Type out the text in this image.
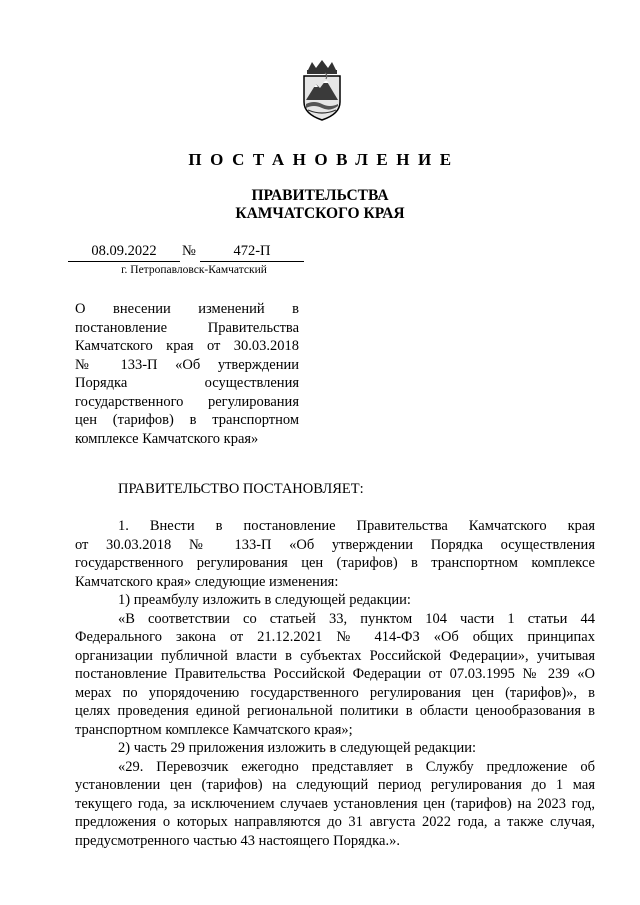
ПОСТАНОВЛЕНИЕ
ПРАВИТЕЛЬСТВА
КАМЧАТСКОГО КРАЯ
08.09.2022	№	472-П
г. Петропавловск-Камчатский
О внесении изменений в
постановление Правительства
Камчатского края от 30.03.2018
№ 133-П «Об утверждении
Порядка осуществления
государственного регулирования
цен (тарифов) в транспортном
комплексе Камчатского края»
ПРАВИТЕЛЬСТВО ПОСТАНОВЛЯЕТ:
1. Внести в постановление Правительства Камчатского края
от 30.03.2018 № 133-П «Об утверждении Порядка осуществления
государственного регулирования цен (тарифов) в транспортном комплексе
Камчатского края» следующие изменения:
1) преамбулу изложить в следующей редакции:
«В соответствии со статьей 33, пунктом 104 части 1 статьи 44
Федерального закона от 21.12.2021 № 414-ФЗ «Об общих принципах
организации публичной власти в субъектах Российской Федерации», учитывая
постановление Правительства Российской Федерации от 07.03.1995 № 239 «О
мерах по упорядочению государственного регулирования цен (тарифов)», в
целях проведения единой региональной политики в области ценообразования в
транспортном комплексе Камчатского края»;
2) часть 29 приложения изложить в следующей редакции:
«29. Перевозчик ежегодно представляет в Службу предложение об
установлении цен (тарифов) на следующий период регулирования до 1 мая
текущего года, за исключением случаев установления цен (тарифов) на 2023 год,
предложения о которых направляются до 31 августа 2022 года, а также случая,
предусмотренного частью 43 настоящего Порядка.».
